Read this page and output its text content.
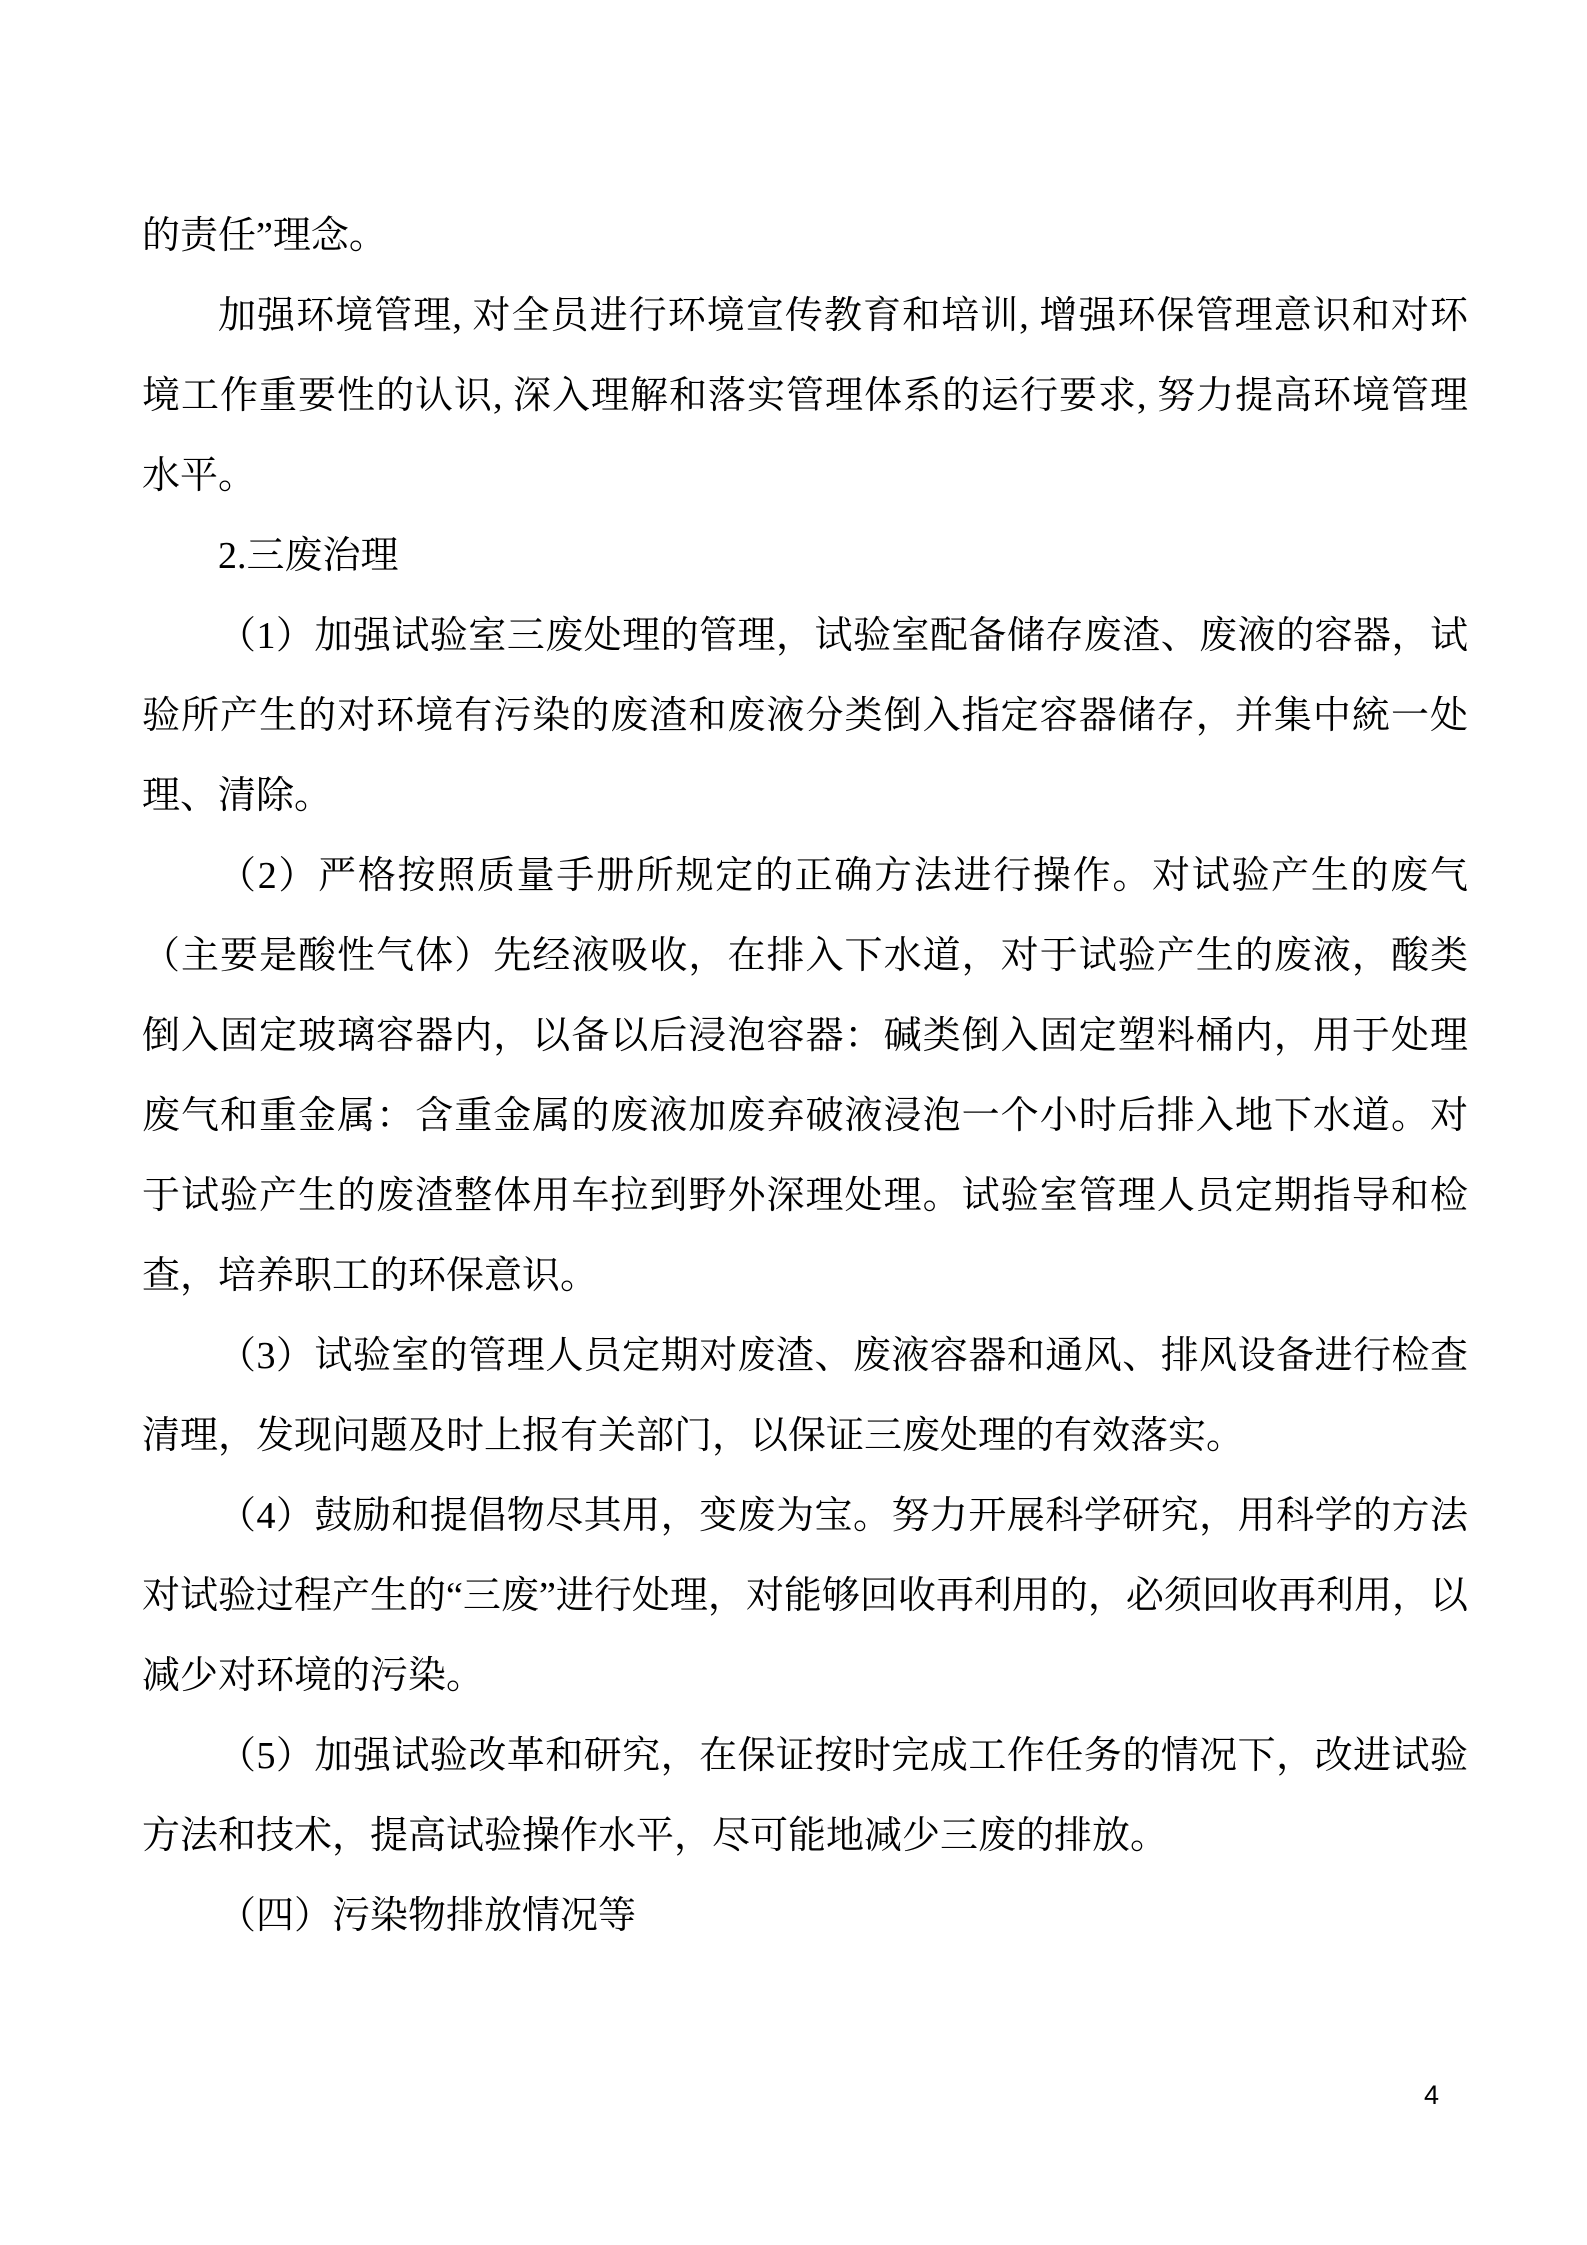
的责任”理念。

加强环境管理, 对全员进行环境宣传教育和培训, 增强环保管理意识和对环境工作重要性的认识, 深入理解和落实管理体系的运行要求, 努力提高环境管理水平。

2.三废治理

（1）加强试验室三废处理的管理，试验室配备储存废渣、废液的容器，试验所产生的对环境有污染的废渣和废液分类倒入指定容器储存，并集中統一处理、清除。

（2）严格按照质量手册所规定的正确方法进行操作。对试验产生的废气（主要是酸性气体）先经液吸收，在排入下水道，对于试验产生的废液，酸类倒入固定玻璃容器内，以备以后浸泡容器：碱类倒入固定塑料桶内，用于处理废气和重金属：含重金属的废液加废弃破液浸泡一个小时后排入地下水道。对于试验产生的废渣整体用车拉到野外深理处理。试验室管理人员定期指导和检查，培养职工的环保意识。

（3）试验室的管理人员定期对废渣、废液容器和通风、排风设备进行检查清理，发现问题及时上报有关部门，以保证三废处理的有效落实。

（4）鼓励和提倡物尽其用，变废为宝。努力开展科学研究，用科学的方法对试验过程产生的“三废”进行处理，对能够回收再利用的，必须回收再利用，以减少对环境的污染。

（5）加强试验改革和研究，在保证按时完成工作任务的情况下，改进试验方法和技术，提高试验操作水平，尽可能地减少三废的排放。

（四）污染物排放情况等

4
